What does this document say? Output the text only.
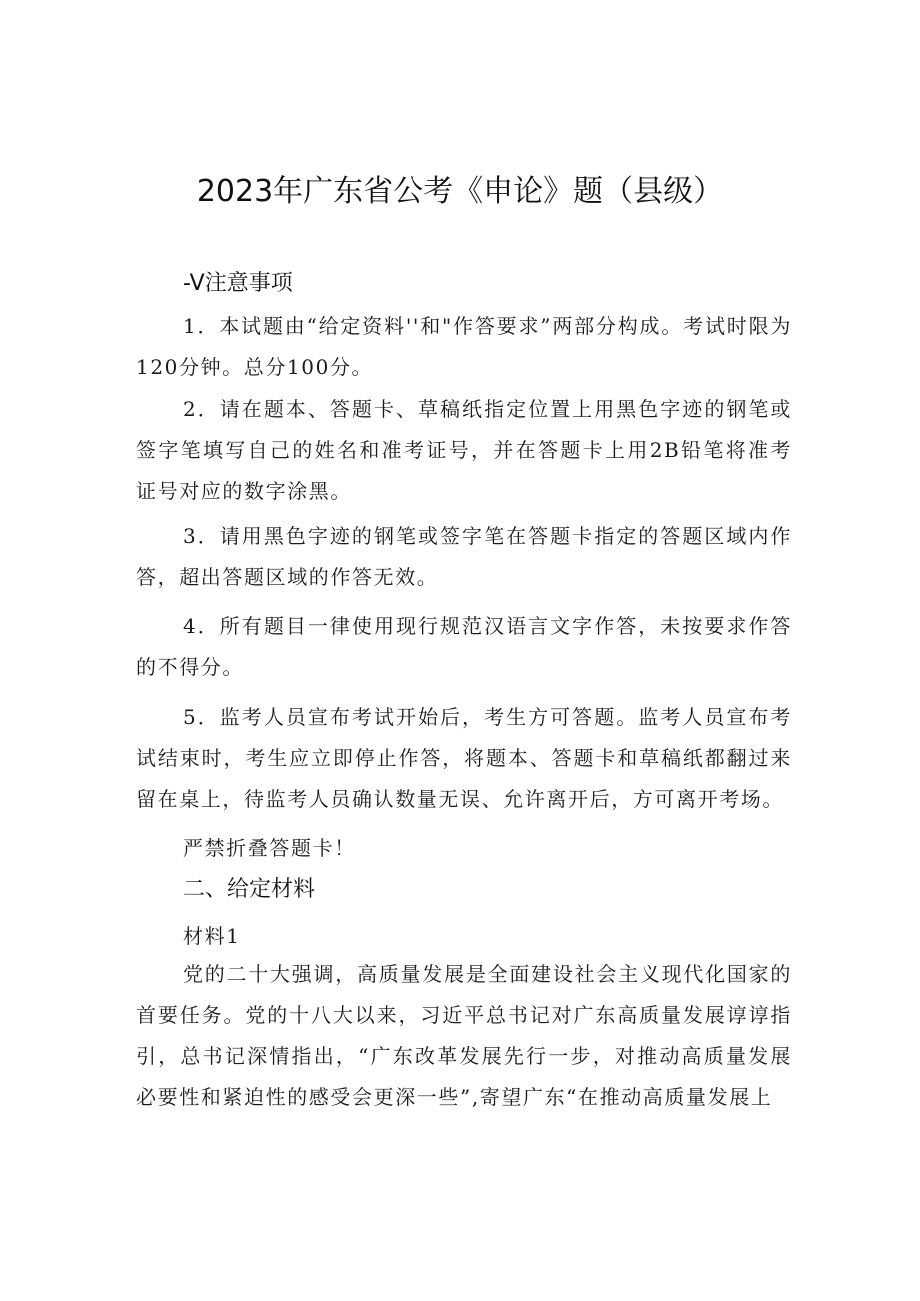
2023年广东省公考《申论》题（县级）
-V注意事项
1．本试题由“给定资料''和"作答要求”两部分构成。考试时限为120分钟。总分100分。
2．请在题本、答题卡、草稿纸指定位置上用黑色字迹的钢笔或签字笔填写自己的姓名和准考证号，并在答题卡上用2B铅笔将准考证号对应的数字涂黑。
3．请用黑色字迹的钢笔或签字笔在答题卡指定的答题区域内作答，超出答题区域的作答无效。
4．所有题目一律使用现行规范汉语言文字作答，未按要求作答的不得分。
5．监考人员宣布考试开始后，考生方可答题。监考人员宣布考试结束时，考生应立即停止作答，将题本、答题卡和草稿纸都翻过来留在桌上，待监考人员确认数量无误、允许离开后，方可离开考场。
严禁折叠答题卡！
二、给定材料
材料1
党的二十大强调，高质量发展是全面建设社会主义现代化国家的首要任务。党的十八大以来，习近平总书记对广东高质量发展谆谆指引，总书记深情指出，“广东改革发展先行一步，对推动高质量发展必要性和紧迫性的感受会更深一些”,寄望广东“在推动高质量发展上
